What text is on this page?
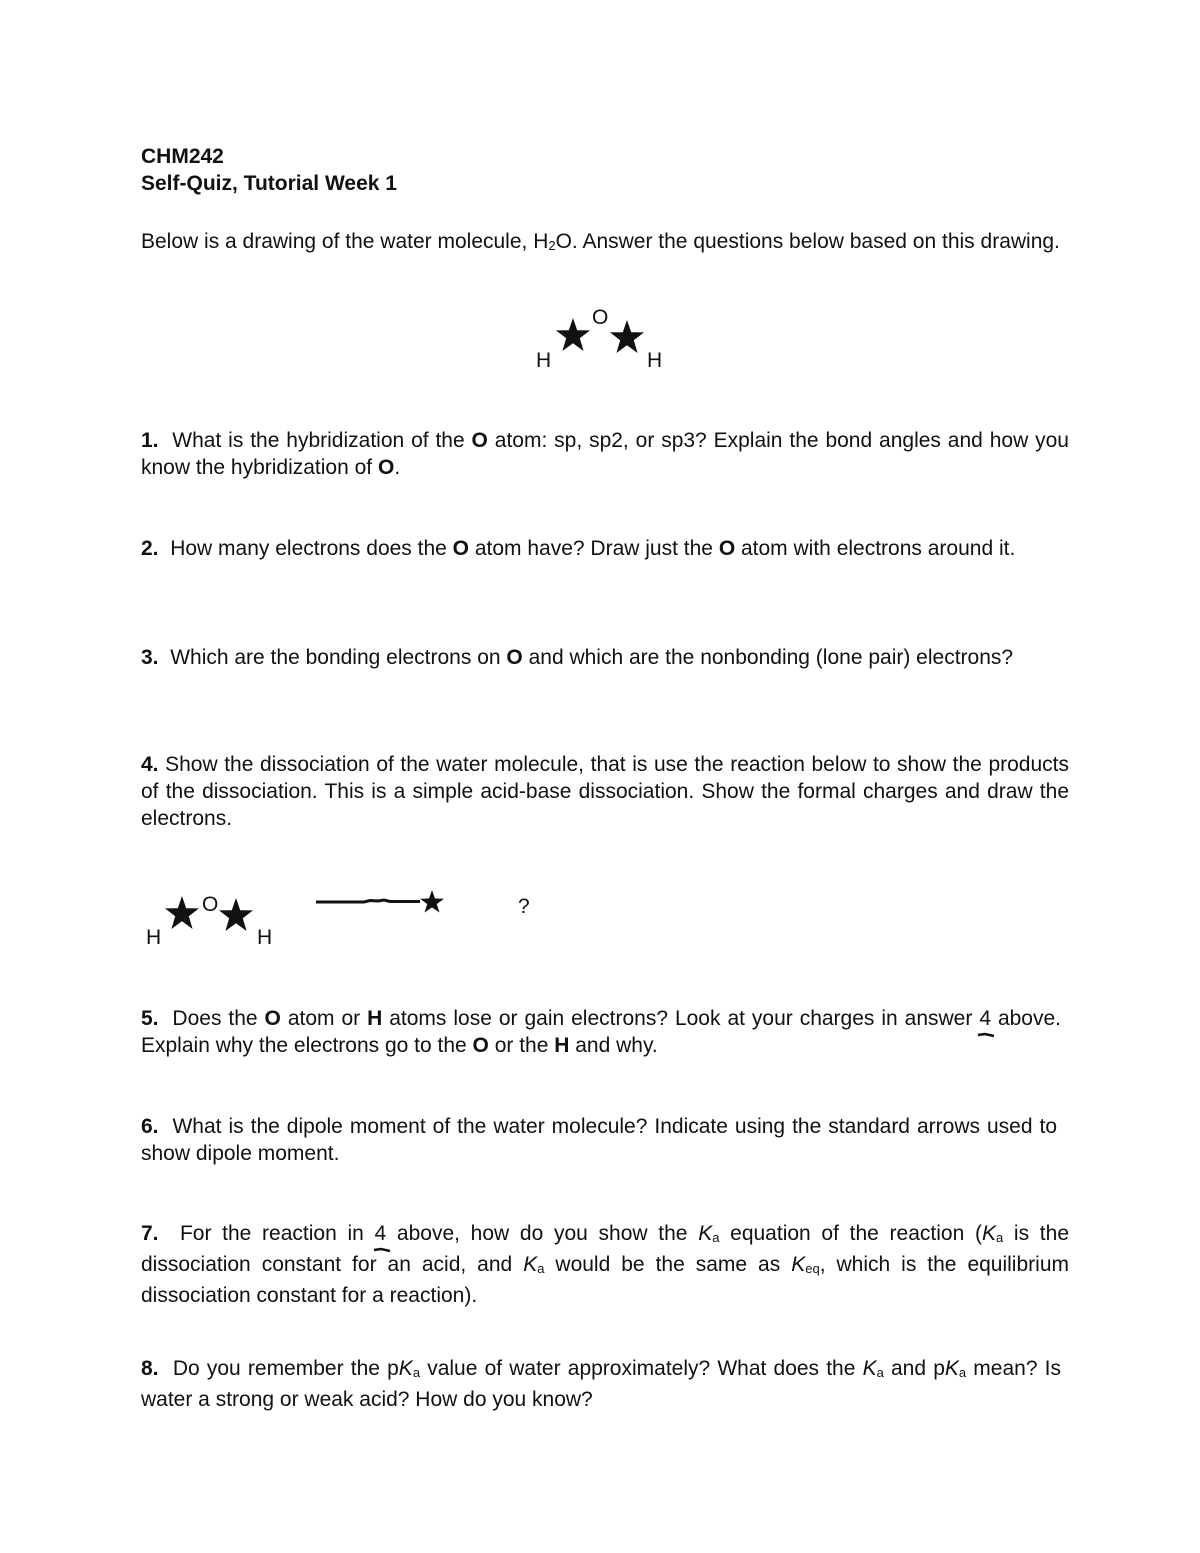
CHM242
Self-Quiz, Tutorial Week 1
Below is a drawing of the water molecule, H2O. Answer the questions below based on this drawing.
O
H	H
1. What is the hybridization of the O atom: sp, sp2, or sp3? Explain the bond angles and how you know the hybridization of O.
2. How many electrons does the O atom have? Draw just the O atom with electrons around it.
3. Which are the bonding electrons on O and which are the nonbonding (lone pair) electrons?
4. Show the dissociation of the water molecule, that is use the reaction below to show the products of the dissociation. This is a simple acid-base dissociation. Show the formal charges and draw the electrons.
O
H	H
?
5. Does the O atom or H atoms lose or gain electrons? Look at your charges in answer 4
above. Explain why the electrons go to the O or the H and why.
6. What is the dipole moment of the water molecule? Indicate using the standard arrows used to show dipole moment.
7. For the reaction in 4
above, how do you show the Ka equation of the reaction (Ka is the dissociation constant for an acid, and Ka would be the same as Keq, which is the equilibrium dissociation constant for a reaction).
8. Do you remember the pKa value of water approximately? What does the Ka and pKa mean? Is water a strong or weak acid? How do you know?
